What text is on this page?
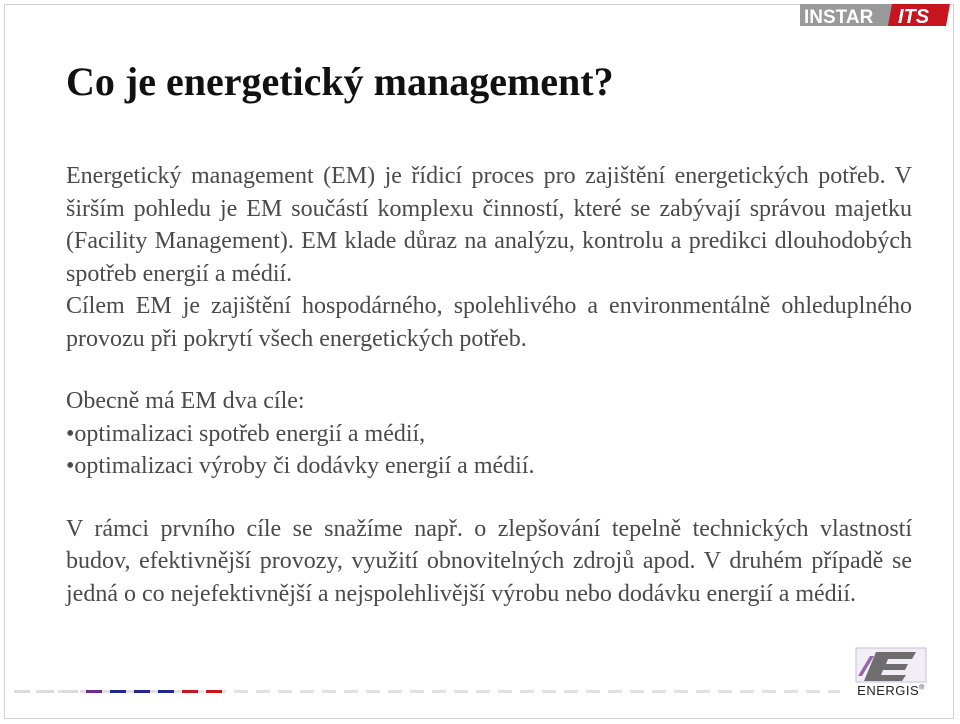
INSTAR ITS
Co je energetický management?

Energetický management (EM) je řídicí proces pro zajištění energetických potřeb. V širším pohledu je EM součástí komplexu činností, které se zabývají správou majetku (Facility Management). EM klade důraz na analýzu, kontrolu a predikci dlouhodobých spotřeb energií a médií.

Cílem EM je zajištění hospodárného, spolehlivého a environmentálně ohleduplného provozu při pokrytí všech energetických potřeb.

Obecně má EM dva cíle:

•optimalizaci spotřeb energií a médií,

•optimalizaci výroby či dodávky energií a médií.

V rámci prvního cíle se snažíme např. o zlepšování tepelně technických vlastností budov, efektivnější provozy, využití obnovitelných zdrojů apod. V druhém případě se jedná o co nejefektivnější a nejspolehlivější výrobu nebo dodávku energií a médií.

ENERGIS®
